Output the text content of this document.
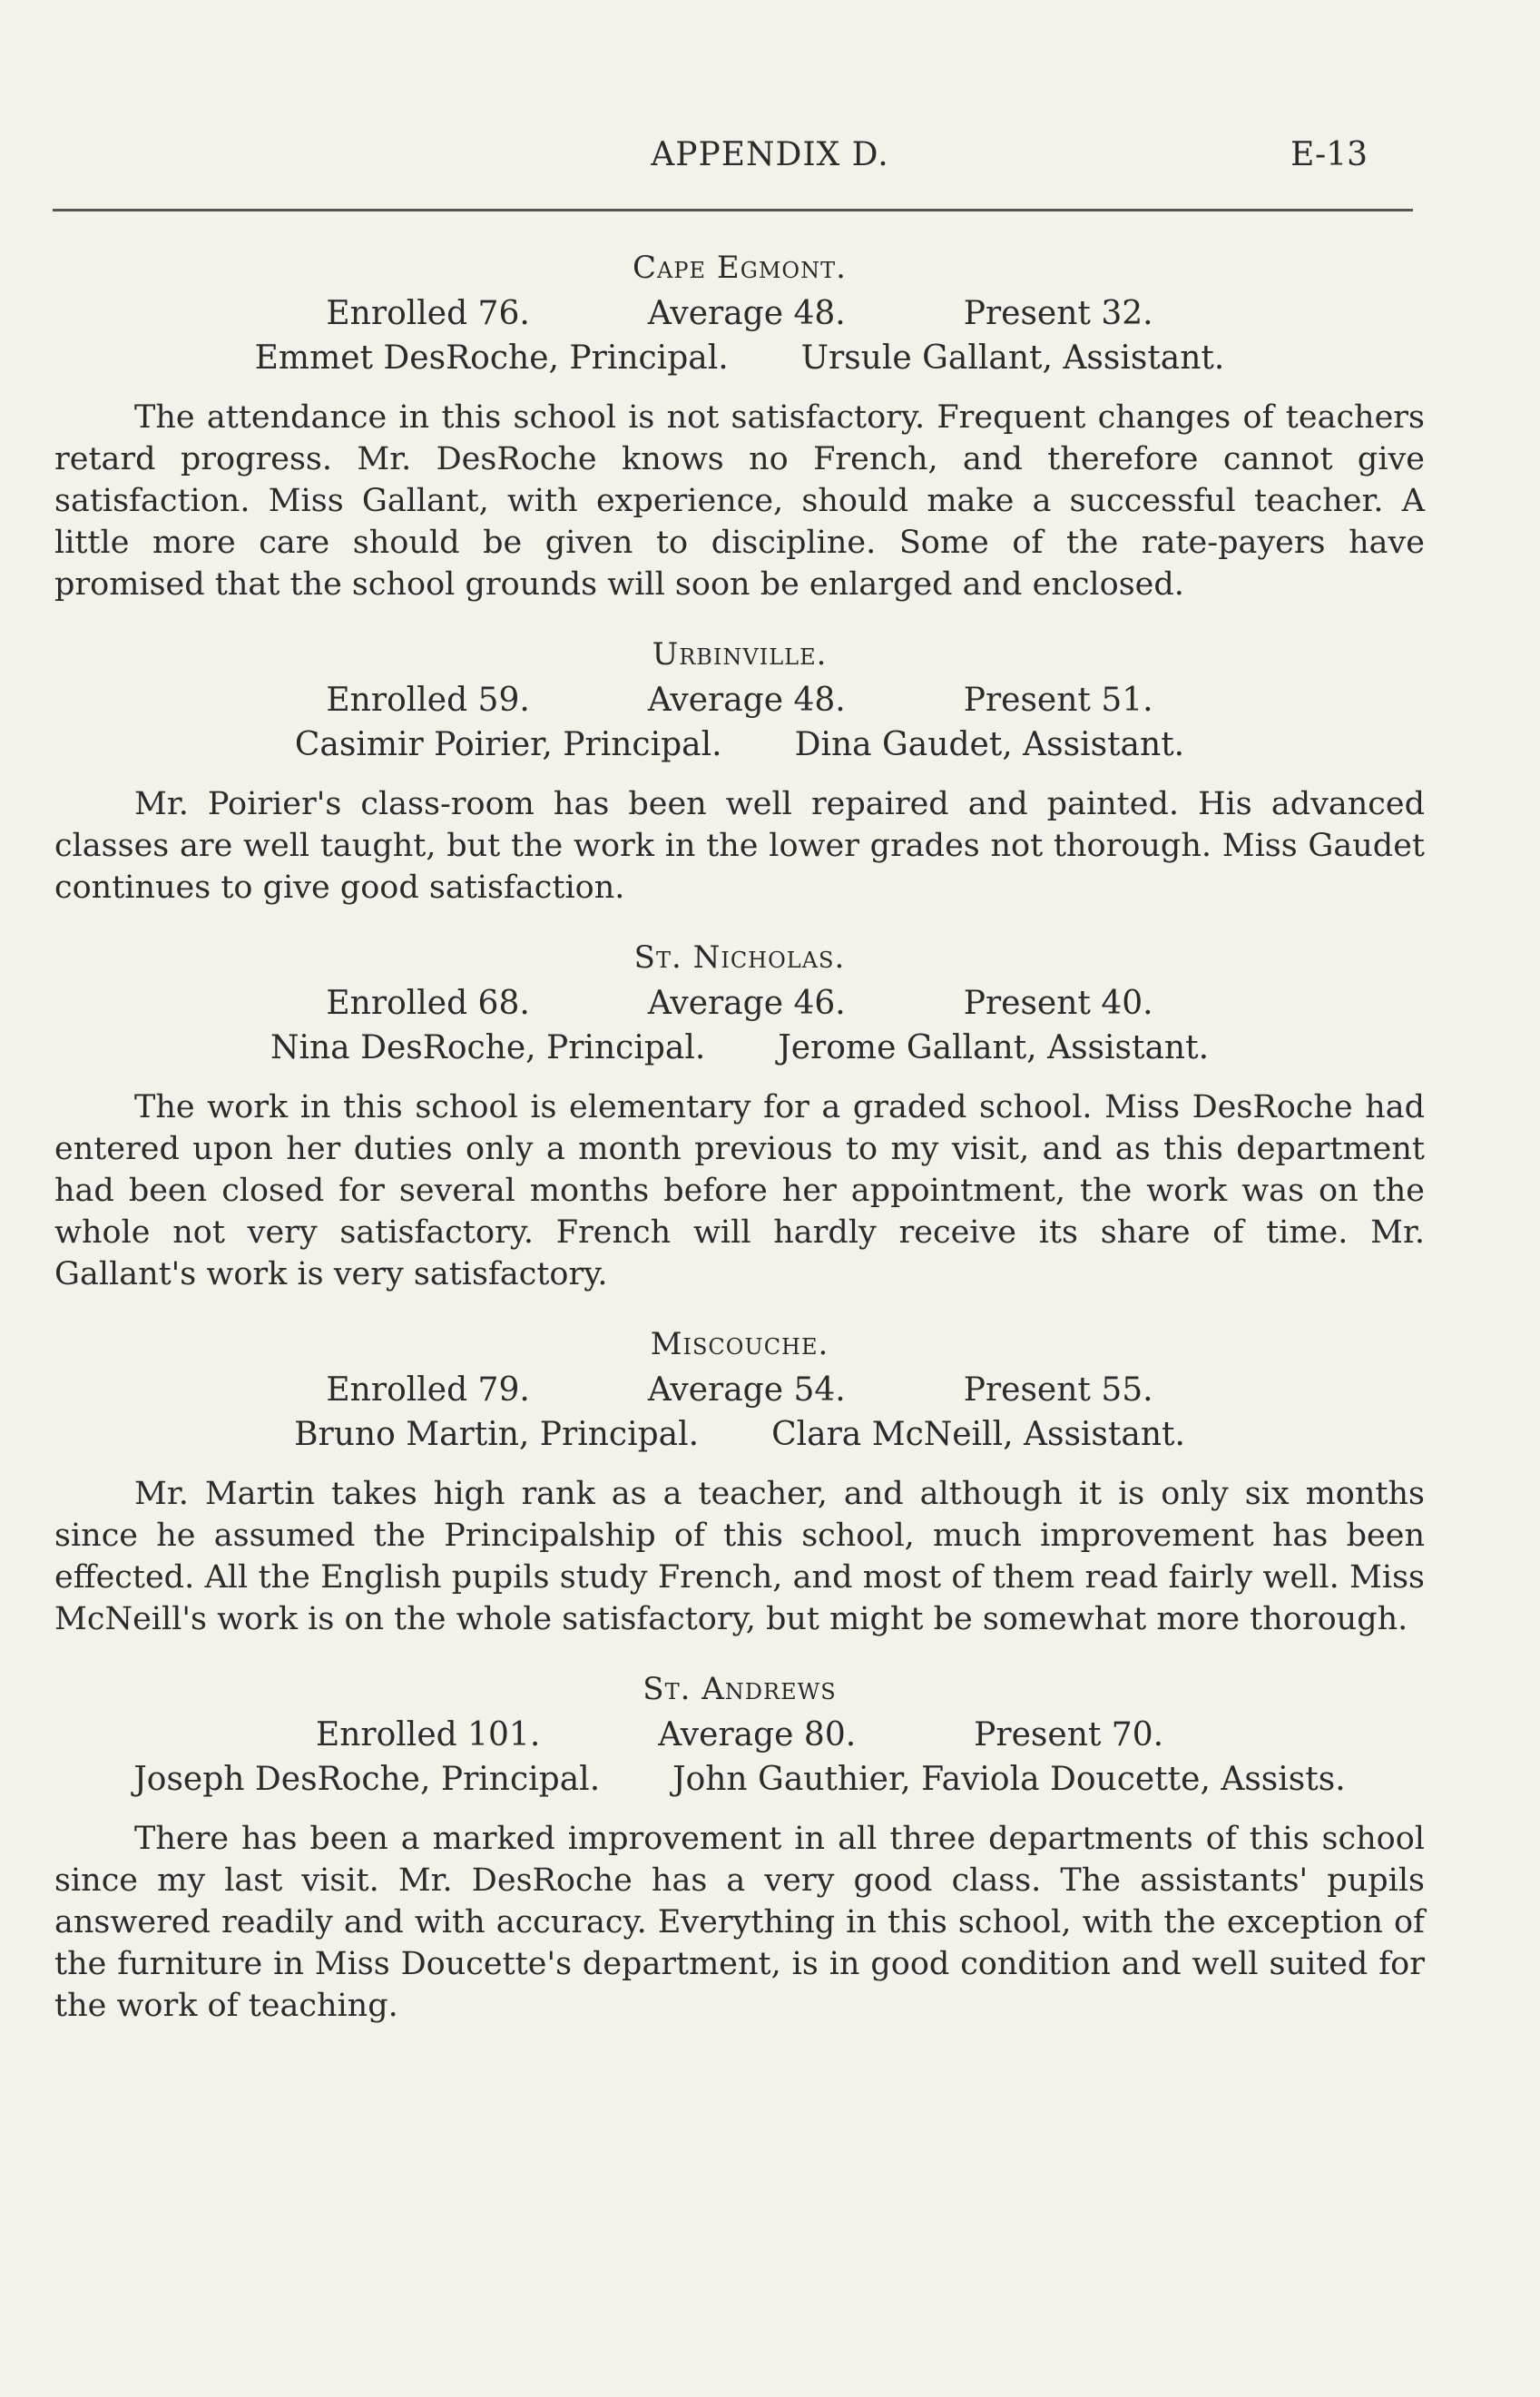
APPENDIX D.	E-13
Cape Egmont.
Enrolled 76.	Average 48.	Present 32.
Emmet DesRoche, Principal. Ursule Gallant, Assistant.

The attendance in this school is not satisfactory. Frequent changes of teachers retard progress. Mr. DesRoche knows no French, and therefore cannot give satisfaction. Miss Gallant, with experience, should make a successful teacher. A little more care should be given to discipline. Some of the rate-payers have promised that the school grounds will soon be enlarged and enclosed.

Urbinville.
Enrolled 59.	Average 48.	Present 51.
Casimir Poirier, Principal. Dina Gaudet, Assistant.

Mr. Poirier's class-room has been well repaired and painted. His advanced classes are well taught, but the work in the lower grades not thorough. Miss Gaudet continues to give good satisfaction.

St. Nicholas.
Enrolled 68.	Average 46.	Present 40.
Nina DesRoche, Principal. Jerome Gallant, Assistant.

The work in this school is elementary for a graded school. Miss DesRoche had entered upon her duties only a month previous to my visit, and as this department had been closed for several months before her appointment, the work was on the whole not very satisfactory. French will hardly receive its share of time. Mr. Gallant's work is very satisfactory.

Miscouche.
Enrolled 79.	Average 54.	Present 55.
Bruno Martin, Principal. Clara McNeill, Assistant.

Mr. Martin takes high rank as a teacher, and although it is only six months since he assumed the Principalship of this school, much improvement has been effected. All the English pupils study French, and most of them read fairly well. Miss McNeill's work is on the whole satisfactory, but might be somewhat more thorough.

St. Andrews
Enrolled 101.	Average 80.	Present 70.
Joseph DesRoche, Principal. John Gauthier, Faviola Doucette, Assists.

There has been a marked improvement in all three departments of this school since my last visit. Mr. DesRoche has a very good class. The assistants' pupils answered readily and with accuracy. Everything in this school, with the exception of the furniture in Miss Doucette's department, is in good condition and well suited for the work of teaching.
